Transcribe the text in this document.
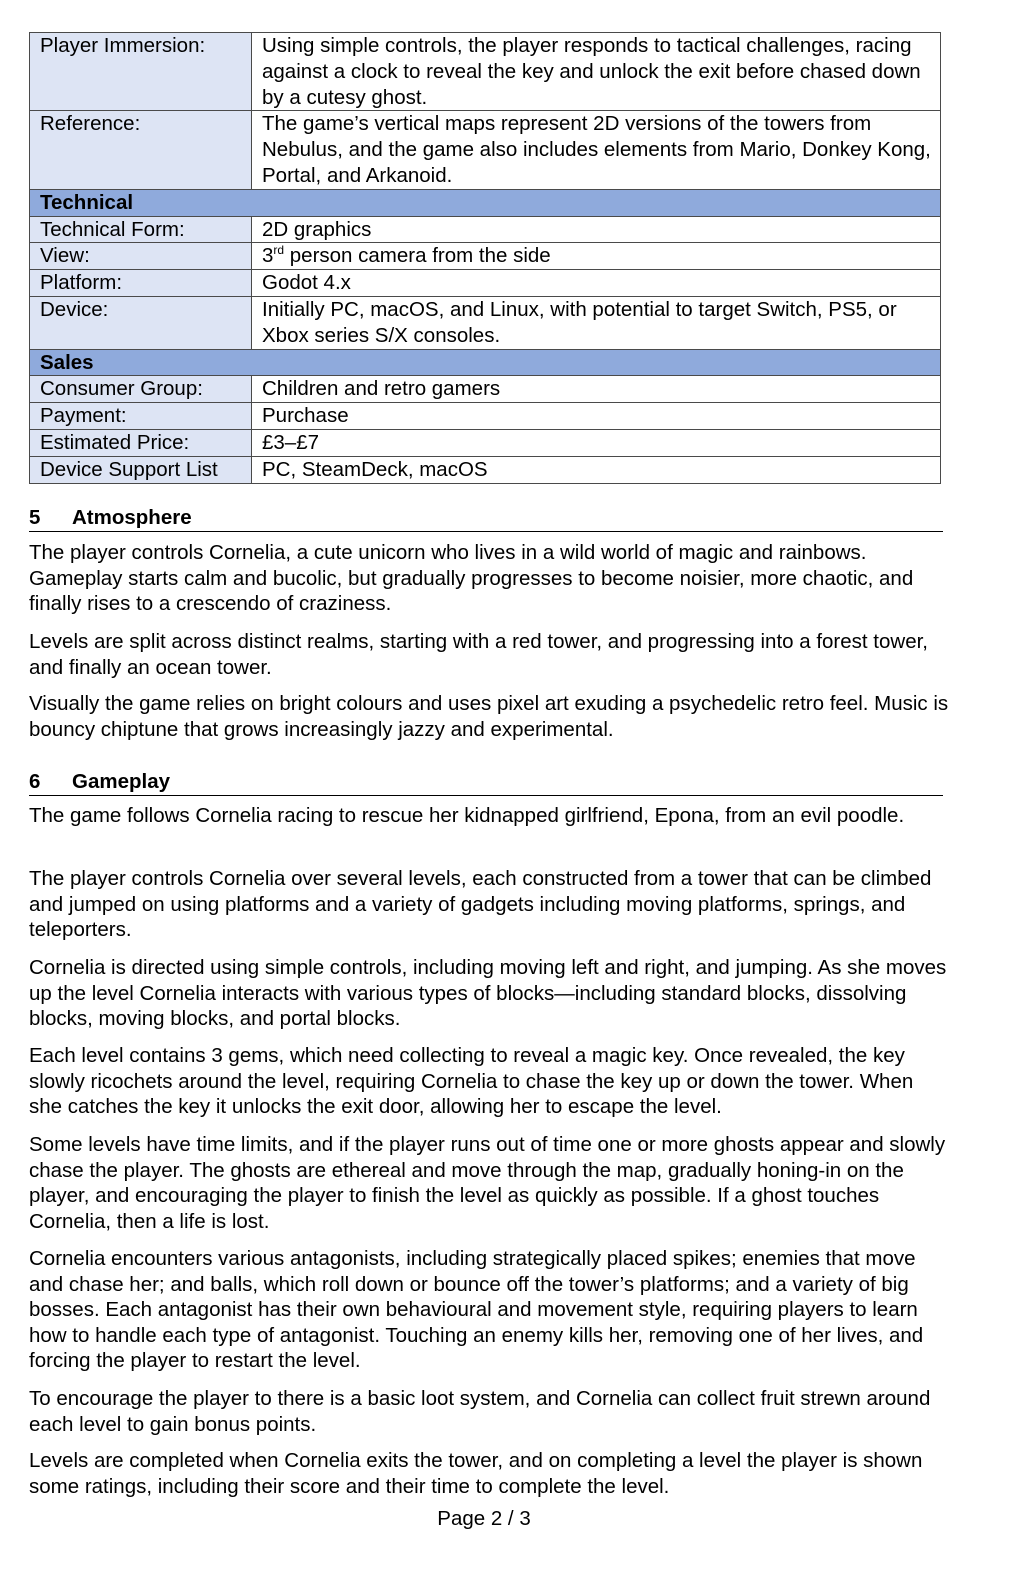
Player Immersion:	Using simple controls, the player responds to tactical challenges, racing against a clock to reveal the key and unlock the exit before chased down by a cutesy ghost.
Reference:	The game’s vertical maps represent 2D versions of the towers from Nebulus, and the game also includes elements from Mario, Donkey Kong, Portal, and Arkanoid.
Technical	
Technical Form:	2D graphics
View:	3rd person camera from the side
Platform:	Godot 4.x
Device:	Initially PC, macOS, and Linux, with potential to target Switch, PS5, or Xbox series S/X consoles.
Sales	
Consumer Group:	Children and retro gamers
Payment:	Purchase
Estimated Price:	£3–£7
Device Support List	PC, SteamDeck, macOS
5 Atmosphere

The player controls Cornelia, a cute unicorn who lives in a wild world of magic and rainbows. Gameplay starts calm and bucolic, but gradually progresses to become noisier, more chaotic, and finally rises to a crescendo of craziness.

Levels are split across distinct realms, starting with a red tower, and progressing into a forest tower, and finally an ocean tower.

Visually the game relies on bright colours and uses pixel art exuding a psychedelic retro feel. Music is bouncy chiptune that grows increasingly jazzy and experimental.

6 Gameplay

The game follows Cornelia racing to rescue her kidnapped girlfriend, Epona, from an evil poodle.

The player controls Cornelia over several levels, each constructed from a tower that can be climbed and jumped on using platforms and a variety of gadgets including moving platforms, springs, and teleporters.

Cornelia is directed using simple controls, including moving left and right, and jumping. As she moves up the level Cornelia interacts with various types of blocks—including standard blocks, dissolving blocks, moving blocks, and portal blocks.

Each level contains 3 gems, which need collecting to reveal a magic key. Once revealed, the key slowly ricochets around the level, requiring Cornelia to chase the key up or down the tower. When she catches the key it unlocks the exit door, allowing her to escape the level.

Some levels have time limits, and if the player runs out of time one or more ghosts appear and slowly chase the player. The ghosts are ethereal and move through the map, gradually honing-in on the player, and encouraging the player to finish the level as quickly as possible. If a ghost touches Cornelia, then a life is lost.

Cornelia encounters various antagonists, including strategically placed spikes; enemies that move and chase her; and balls, which roll down or bounce off the tower’s platforms; and a variety of big bosses. Each antagonist has their own behavioural and movement style, requiring players to learn how to handle each type of antagonist. Touching an enemy kills her, removing one of her lives, and forcing the player to restart the level.

To encourage the player to there is a basic loot system, and Cornelia can collect fruit strewn around each level to gain bonus points.

Levels are completed when Cornelia exits the tower, and on completing a level the player is shown some ratings, including their score and their time to complete the level.

Page 2 / 3
